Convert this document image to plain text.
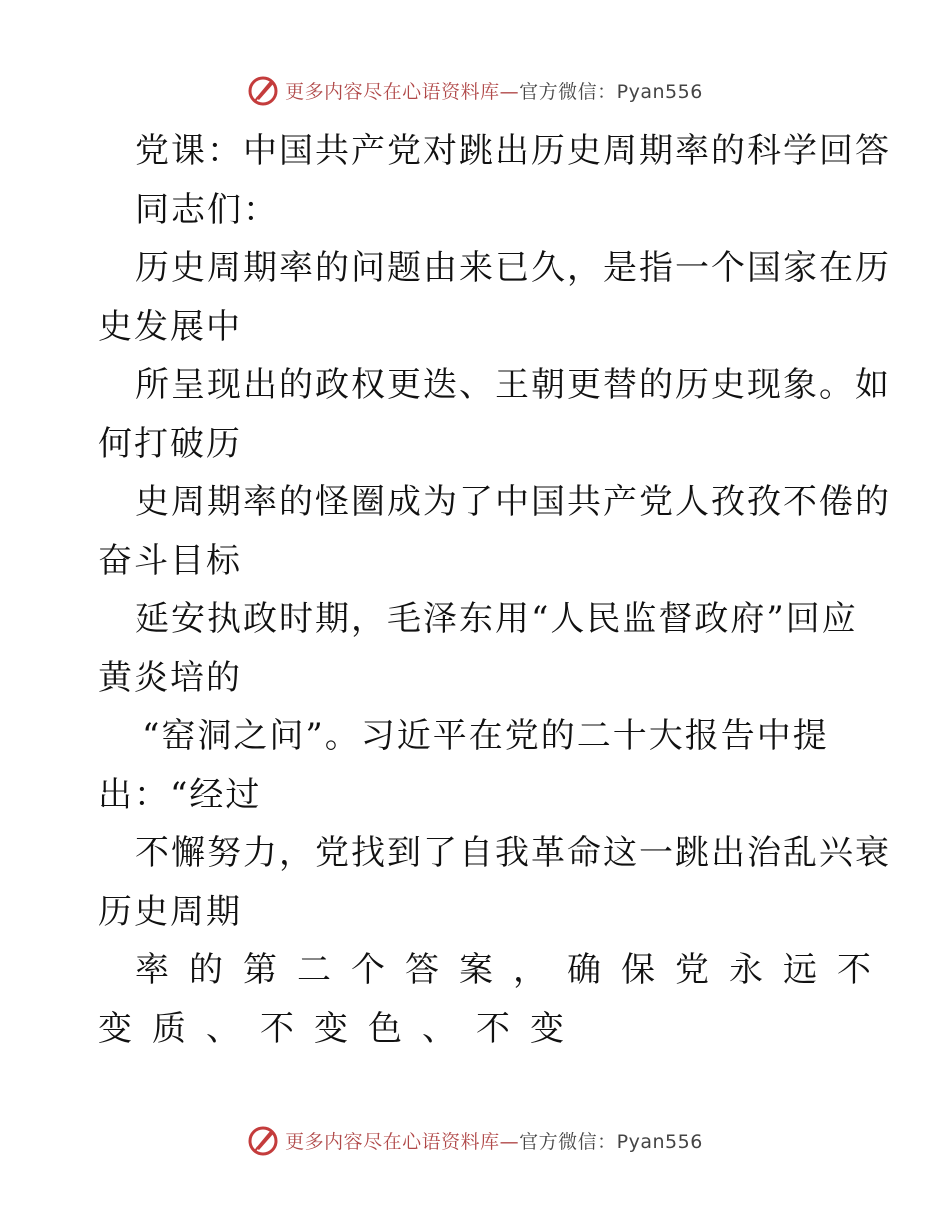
更多内容尽在心语资料库—官方微信：Pyan556
党课：中国共产党对跳出历史周期率的科学回答
同志们：
历史周期率的问题由来已久，是指一个国家在历
史发展中
所呈现出的政权更迭、王朝更替的历史现象。如
何打破历
史周期率的怪圈成为了中国共产党人孜孜不倦的
奋斗目标
延安执政时期，毛泽东用“人民监督政府”回应
黄炎培的
“窑洞之问”。习近平在党的二十大报告中提
出：“经过
不懈努力，党找到了自我革命这一跳出治乱兴衰
历史周期
率的第二个答案，确保党永远不
变质、不变色、不变
更多内容尽在心语资料库—官方微信：Pyan556
